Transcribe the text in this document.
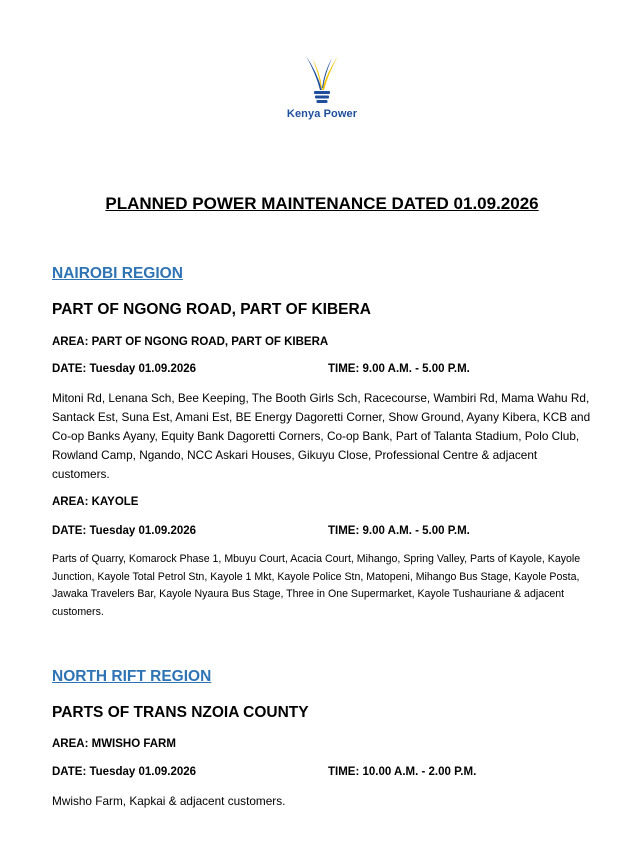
Kenya Power
PLANNED POWER MAINTENANCE DATED 01.09.2026
NAIROBI REGION
PART OF NGONG ROAD, PART OF KIBERA
AREA: PART OF NGONG ROAD, PART OF KIBERA
DATE: Tuesday 01.09.2026	TIME: 9.00 A.M. - 5.00 P.M.
Mitoni Rd, Lenana Sch, Bee Keeping, The Booth Girls Sch, Racecourse, Wambiri Rd, Mama Wahu Rd, Santack Est, Suna Est, Amani Est, BE Energy Dagoretti Corner, Show Ground, Ayany Kibera, KCB and Co-op Banks Ayany, Equity Bank Dagoretti Corners, Co-op Bank, Part of Talanta Stadium, Polo Club, Rowland Camp, Ngando, NCC Askari Houses, Gikuyu Close, Professional Centre & adjacent customers.
AREA: KAYOLE
DATE: Tuesday 01.09.2026	TIME: 9.00 A.M. - 5.00 P.M.
Parts of Quarry, Komarock Phase 1, Mbuyu Court, Acacia Court, Mihango, Spring Valley, Parts of Kayole, Kayole Junction, Kayole Total Petrol Stn, Kayole 1 Mkt, Kayole Police Stn, Matopeni, Mihango Bus Stage, Kayole Posta, Jawaka Travelers Bar, Kayole Nyaura Bus Stage, Three in One Supermarket, Kayole Tushauriane & adjacent customers.
NORTH RIFT REGION
PARTS OF TRANS NZOIA COUNTY
AREA: MWISHO FARM
DATE: Tuesday 01.09.2026	TIME: 10.00 A.M. - 2.00 P.M.
Mwisho Farm, Kapkai & adjacent customers.
